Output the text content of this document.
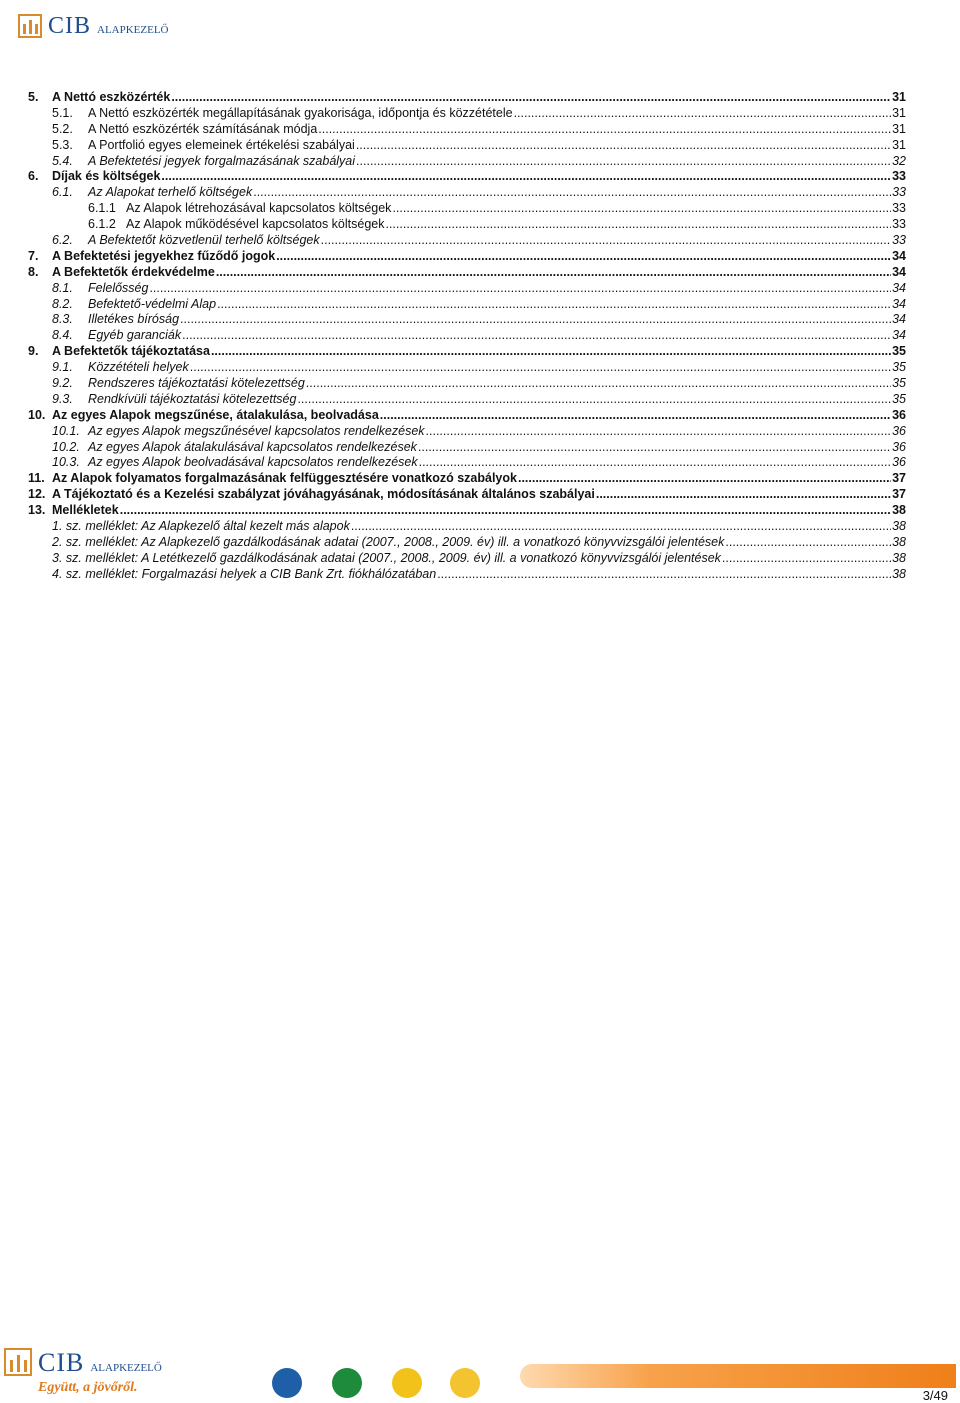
CIB ALAPKEZELŐ
5.	A Nettó eszközérték .....	31
5.1.	A Nettó eszközérték megállapításának gyakorisága, időpontja és közzététele .....	31
5.2.	A Nettó eszközérték számításának módja .....	31
5.3.	A Portfolió egyes elemeinek értékelési szabályai .....	31
5.4.	A Befektetési jegyek forgalmazásának szabályai .....	32
6.	Díjak és költségek .....	33
6.1.	Az Alapokat terhelő költségek .....	33
6.1.1 Az Alapok létrehozásával kapcsolatos költségek .....	33
6.1.2 Az Alapok működésével kapcsolatos költségek .....	33
6.2.	A Befektetőt közvetlenül terhelő költségek .....	33
7.	A Befektetési jegyekhez fűződő jogok .....	34
8.	A Befektetők érdekvédelme .....	34
8.1.	Felelősség .....	34
8.2.	Befektető-védelmi Alap .....	34
8.3.	Illetékes bíróság .....	34
8.4.	Egyéb garanciák .....	34
9.	A Befektetők tájékoztatása .....	35
9.1.	Közzétételi helyek .....	35
9.2.	Rendszeres tájékoztatási kötelezettség .....	35
9.3.	Rendkívüli tájékoztatási kötelezettség .....	35
10. Az egyes Alapok megszűnése, átalakulása, beolvadása .....	36
10.1. Az egyes Alapok megszűnésével kapcsolatos rendelkezések .....	36
10.2. Az egyes Alapok átalakulásával kapcsolatos rendelkezések .....	36
10.3. Az egyes Alapok beolvadásával kapcsolatos rendelkezések .....	36
11. Az Alapok folyamatos forgalmazásának felfüggesztésére vonatkozó szabályok .....	37
12. A Tájékoztató és a Kezelési szabályzat jóváhagyásának, módosításának általános szabályai .....	37
13. Mellékletek .....	38
1. sz. melléklet: Az Alapkezelő által kezelt más alapok .....	38
2. sz. melléklet: Az Alapkezelő gazdálkodásának adatai (2007., 2008., 2009. év) ill. a vonatkozó könyvvizsgálói jelentések .....	38
3. sz. melléklet: A Letétkezelő gazdálkodásának adatai (2007., 2008., 2009. év) ill. a vonatkozó könyvvizsgálói jelentések .....	38
4. sz. melléklet: Forgalmazási helyek a CIB Bank Zrt. fiókhálózatában .....	38
CIB ALAPKEZELŐ
Együtt, a jövőről.
3/49
